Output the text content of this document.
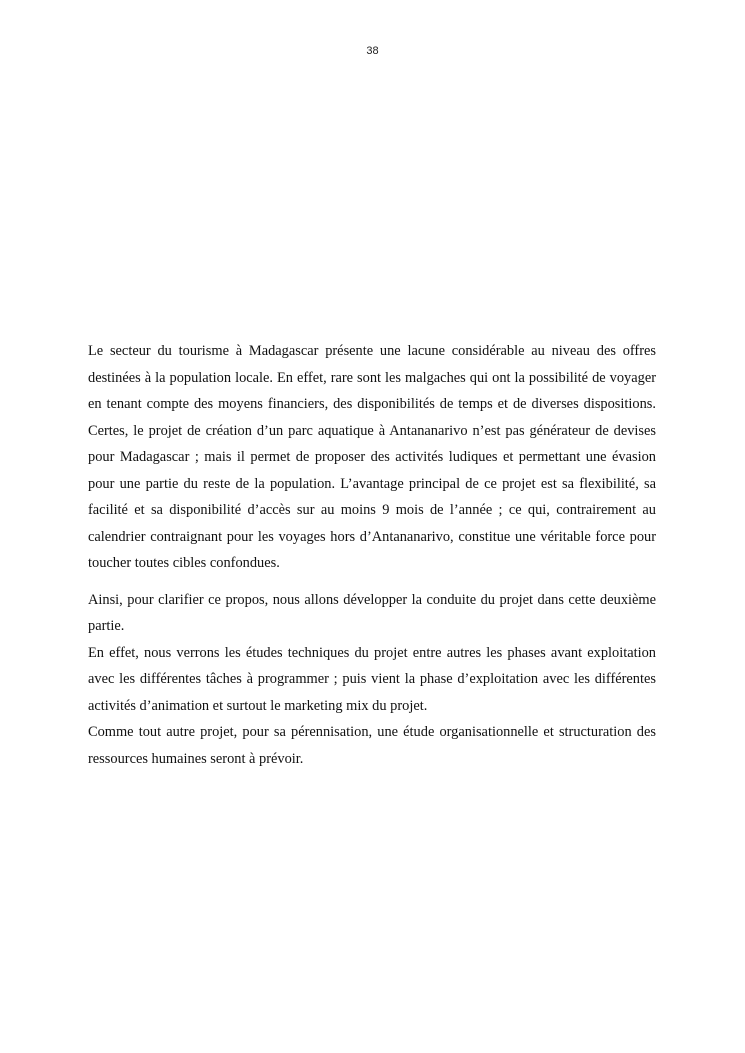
38

Le secteur du tourisme à Madagascar présente une lacune considérable au niveau des offres destinées à la population locale. En effet, rare sont les malgaches qui ont la possibilité de voyager en tenant compte des moyens financiers, des disponibilités de temps et de diverses dispositions. Certes, le projet de création d’un parc aquatique à Antananarivo n’est pas générateur de devises pour Madagascar ; mais il permet de proposer des activités ludiques et permettant une évasion pour une partie du reste de la population. L’avantage principal de ce projet est sa flexibilité, sa facilité et sa disponibilité d’accès sur au moins 9 mois de l’année ; ce qui, contrairement au calendrier contraignant pour les voyages hors d’Antananarivo, constitue une véritable force pour toucher toutes cibles confondues.

Ainsi, pour clarifier ce propos, nous allons développer la conduite du projet dans cette deuxième partie.

En effet, nous verrons les études techniques du projet entre autres les phases avant exploitation avec les différentes tâches à programmer ; puis vient la phase d’exploitation avec les différentes activités d’animation et surtout le marketing mix du projet.

Comme tout autre projet, pour sa pérennisation, une étude organisationnelle et structuration des ressources humaines seront à prévoir.
